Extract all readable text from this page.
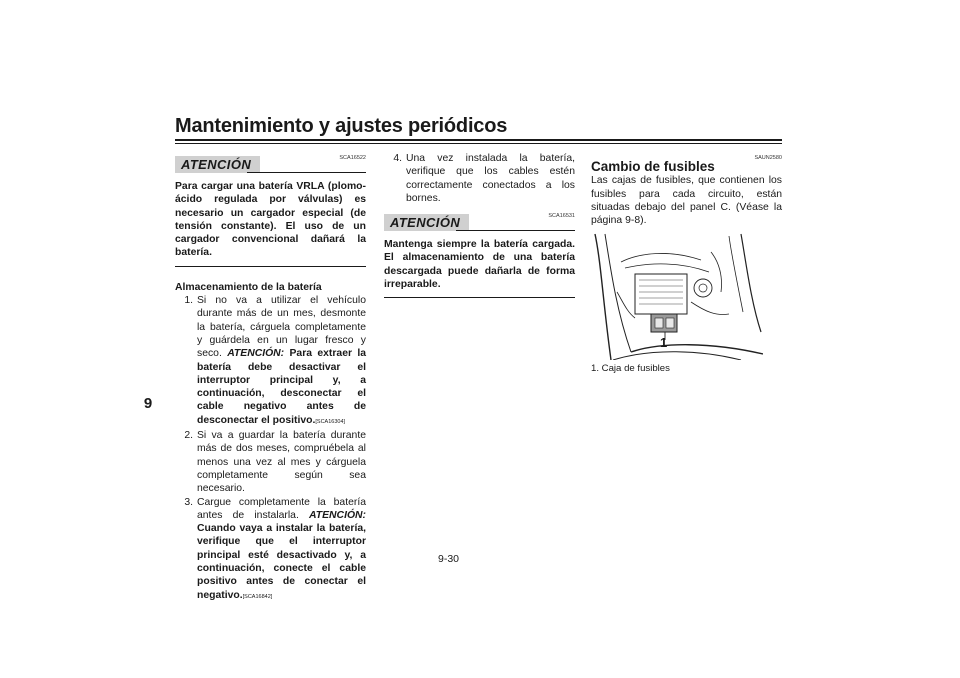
Mantenimiento y ajustes periódicos
9
ATENCIÓN	SCA16522

Para cargar una batería VRLA (plomo-ácido regulada por válvulas) es necesario un cargador especial (de tensión constante). El uso de un cargador convencional dañará la batería.

Almacenamiento de la batería

1. Si no va a utilizar el vehículo durante más de un mes, desmonte la batería, cárguela completamente y guárdela en un lugar fresco y seco. ATENCIÓN: Para extraer la batería debe desactivar el interruptor principal y, a continuación, desconectar el cable negativo antes de desconectar el positivo.[SCA16304]
2. Si va a guardar la batería durante más de dos meses, compruébela al menos una vez al mes y cárguela completamente según sea necesario.
3. Cargue completamente la batería antes de instalarla. ATENCIÓN: Cuando vaya a instalar la batería, verifique que el interruptor principal esté desactivado y, a continuación, conecte el cable positivo antes de conectar el negativo.[SCA16842]
4. Una vez instalada la batería, verifique que los cables estén correctamente conectados a los bornes.
ATENCIÓN	SCA16531

Mantenga siempre la batería cargada. El almacenamiento de una batería descargada puede dañarla de forma irreparable.

SAUN2580

Cambio de fusibles

Las cajas de fusibles, que contienen los fusibles para cada circuito, están situadas debajo del panel C. (Véase la página 9-8).

1

1. Caja de fusibles

9-30
